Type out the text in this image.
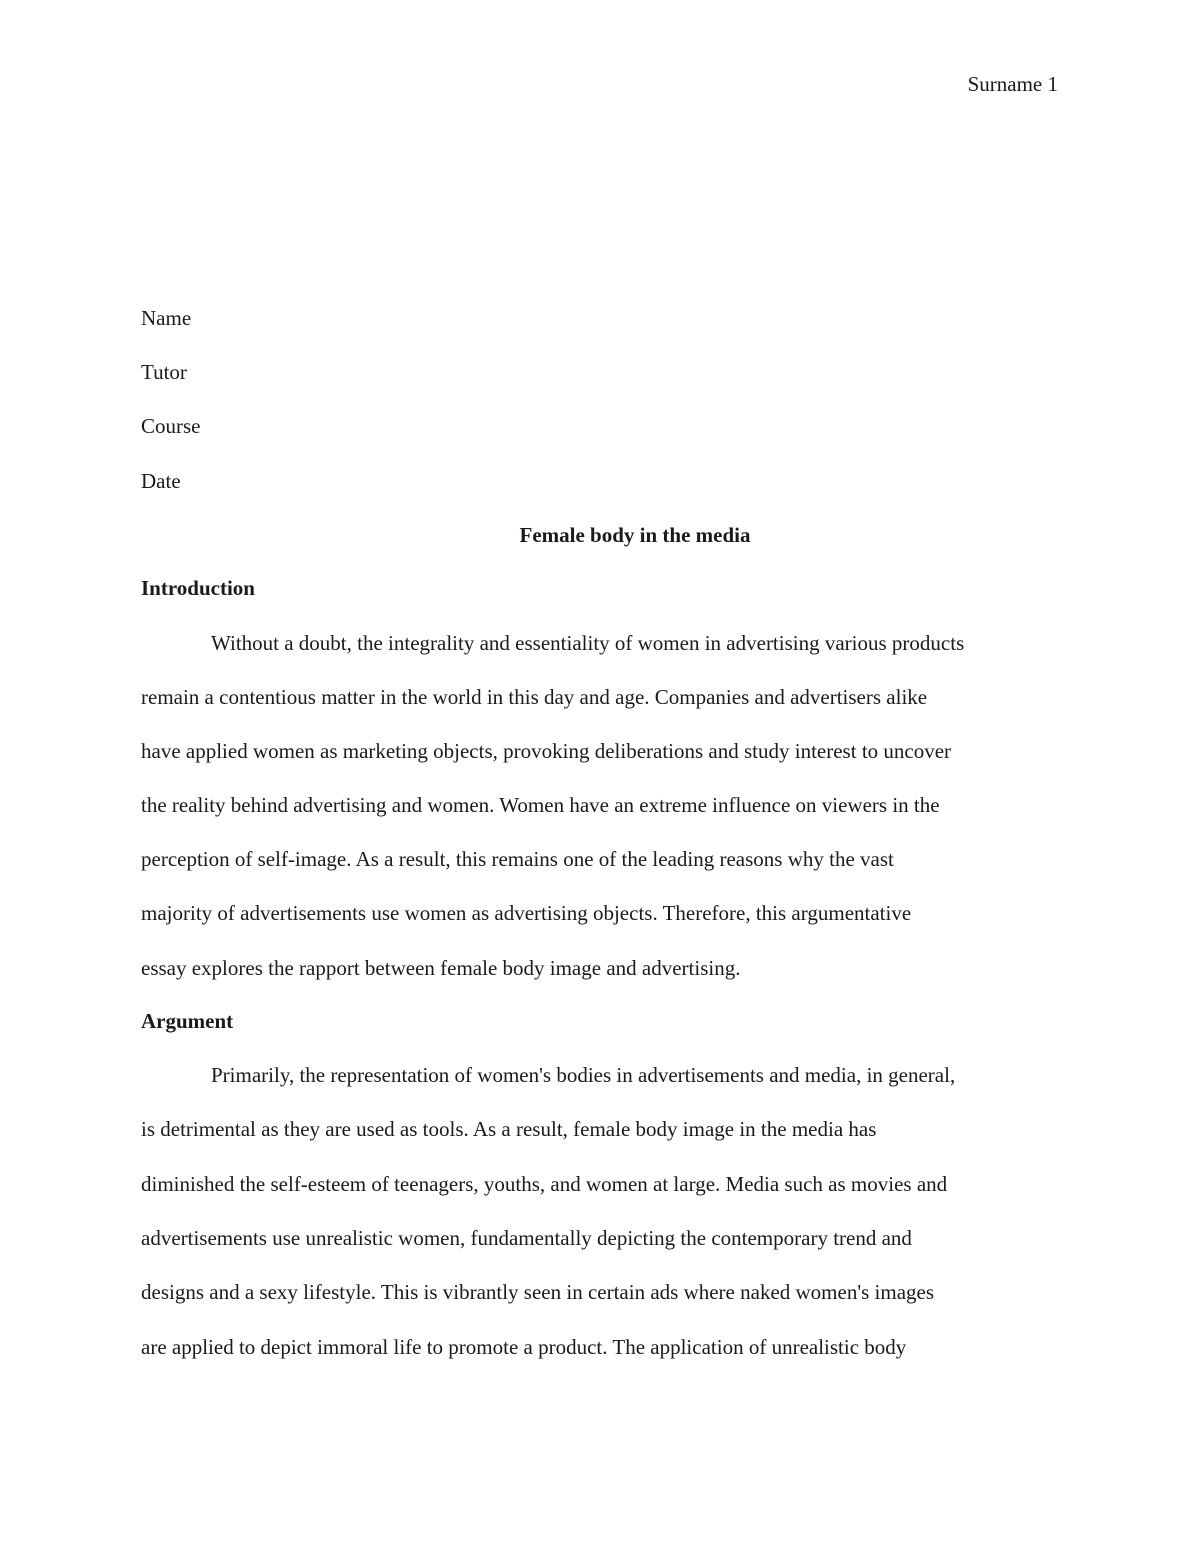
Surname 1
Name
Tutor
Course
Date
Female body in the media
Introduction
Without a doubt, the integrality and essentiality of women in advertising various products
remain a contentious matter in the world in this day and age. Companies and advertisers alike
have applied women as marketing objects, provoking deliberations and study interest to uncover
the reality behind advertising and women. Women have an extreme influence on viewers in the
perception of self-image. As a result, this remains one of the leading reasons why the vast
majority of advertisements use women as advertising objects. Therefore, this argumentative
essay explores the rapport between female body image and advertising.
Argument
Primarily, the representation of women's bodies in advertisements and media, in general,
is detrimental as they are used as tools. As a result, female body image in the media has
diminished the self-esteem of teenagers, youths, and women at large. Media such as movies and
advertisements use unrealistic women, fundamentally depicting the contemporary trend and
designs and a sexy lifestyle. This is vibrantly seen in certain ads where naked women's images
are applied to depict immoral life to promote a product. The application of unrealistic body
